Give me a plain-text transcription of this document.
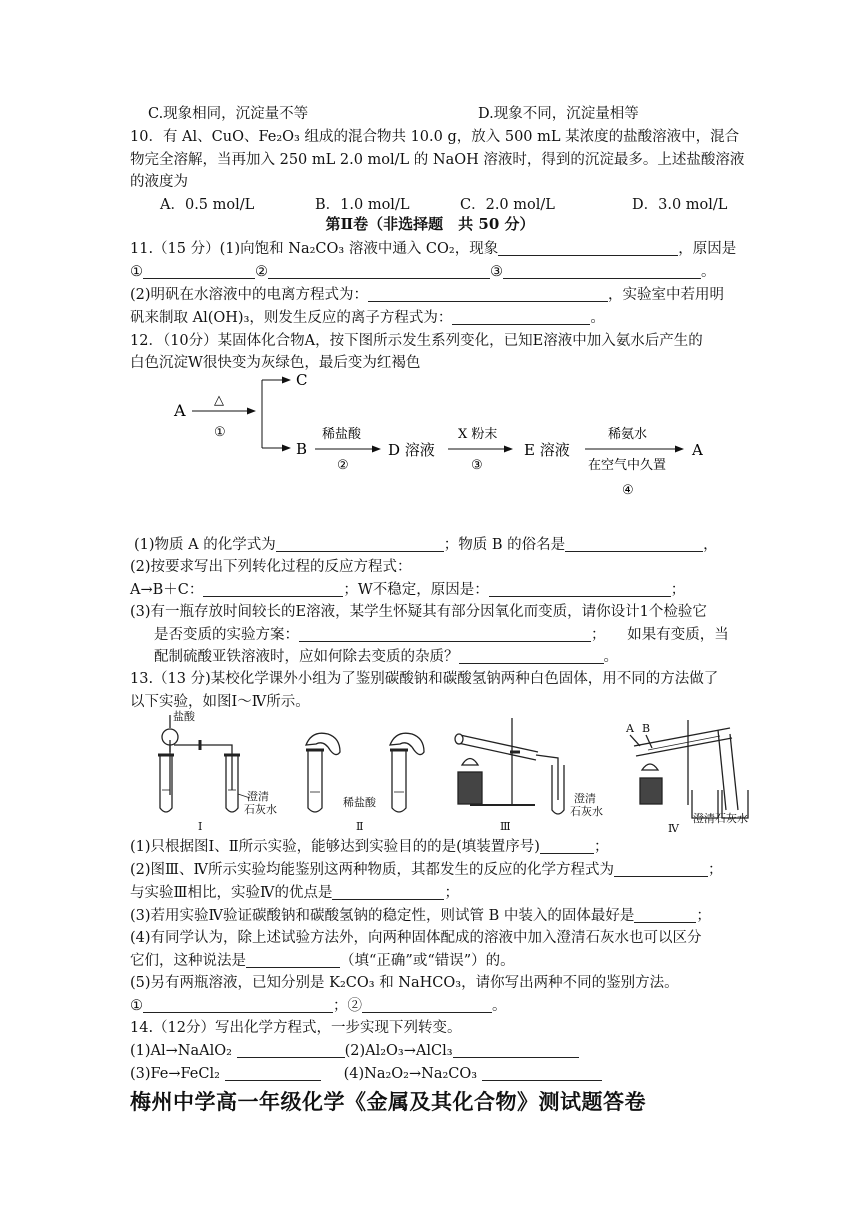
C.现象相同，沉淀量不等	D.现象不同，沉淀量相等
10．有 Al、CuO、Fe₂O₃ 组成的混合物共 10.0 g，放入 500 mL 某浓度的盐酸溶液中，混合
物完全溶解，当再加入 250 mL 2.0 mol/L 的 NaOH 溶液时，得到的沉淀最多。上述盐酸溶液
的液度为
A．0.5 mol/L	B．1.0 mol/L	C．2.0 mol/L	D．3.0 mol/L
第Ⅱ卷（非选择题　共 50 分）
11.（15 分）(1)向饱和 Na₂CO₃ 溶液中通入 CO₂，现象	，原因是
①	②	③	。
(2)明矾在水溶液中的电离方程式为：	，实验室中若用明
矾来制取 Al(OH)₃，则发生反应的离子方程式为：	。
12．（10分）某固体化合物A，按下图所示发生系列变化，已知E溶液中加入氨水后产生的
白色沉淀W很快变为灰绿色，最后变为红褐色
A
△
①
C
B
稀盐酸
②
D 溶液
X 粉末
③
E 溶液
稀氨水
在空气中久置
④
A
(1)物质 A 的化学式为	；物质 B 的俗名是	，
(2)按要求写出下列转化过程的反应方程式：
A→B＋C：	；W不稳定，原因是：	；
(3)有一瓶存放时间较长的E溶液，某学生怀疑其有部分因氧化而变质，请你设计1个检验它
是否变质的实验方案：	；　　如果有变质，当
配制硫酸亚铁溶液时，应如何除去变质的杂质？	。
13.（13 分)某校化学课外小组为了鉴别碳酸钠和碳酸氢钠两种白色固体，用不同的方法做了
以下实验，如图Ⅰ～Ⅳ所示。
盐酸
澄清
石灰水
Ⅰ
稀盐酸
Ⅱ
澄清
石灰水
Ⅲ
A B
澄清石灰水
Ⅳ
(1)只根据图Ⅰ、Ⅱ所示实验，能够达到实验目的的是(填装置序号)	；
(2)图Ⅲ、Ⅳ所示实验均能鉴别这两种物质，其都发生的反应的化学方程式为	；
与实验Ⅲ相比，实验Ⅳ的优点是	；
(3)若用实验Ⅳ验证碳酸钠和碳酸氢钠的稳定性，则试管 B 中装入的固体最好是	；
(4)有同学认为，除上述试验方法外，向两种固体配成的溶液中加入澄清石灰水也可以区分
它们，这种说法是	（填“正确”或“错误”）的。
(5)另有两瓶溶液，已知分别是 K₂CO₃ 和 NaHCO₃，请你写出两种不同的鉴别方法。
①	；②	。
14.（12分）写出化学方程式，一步实现下列转变。
(1)Al→NaAlO₂	(2)Al₂O₃→AlCl₃
(3)Fe→FeCl₂	(4)Na₂O₂→Na₂CO₃
梅州中学高一年级化学《金属及其化合物》测试题答卷
